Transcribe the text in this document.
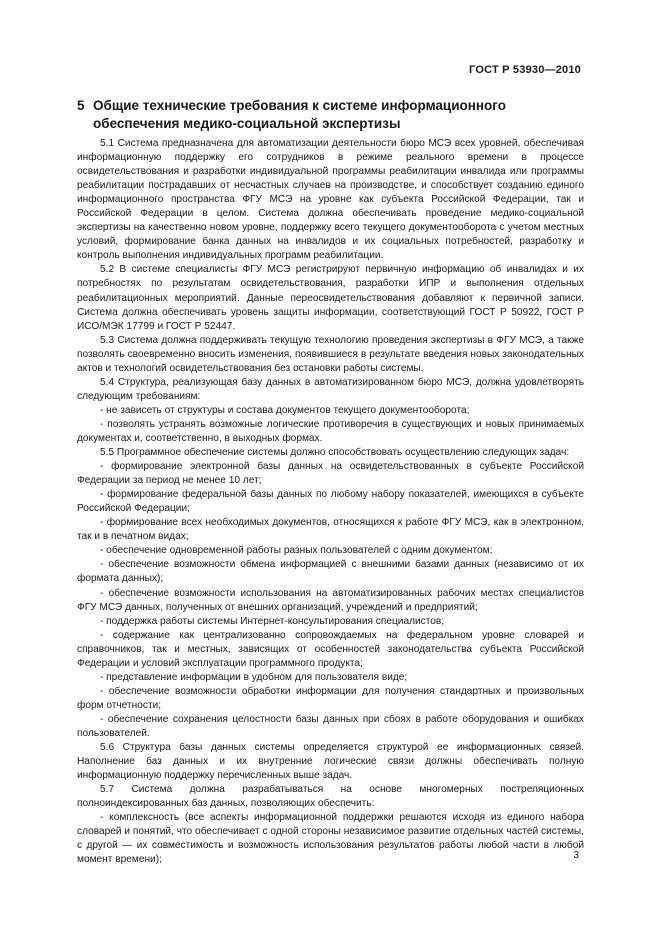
ГОСТ Р 53930—2010
5 Общие технические требования к системе информационного
обеспечения медико-социальной экспертизы

5.1 Система предназначена для автоматизации деятельности бюро МСЭ всех уровней, обеспечивая информационную поддержку его сотрудников в режиме реального времени в процессе освидетельствования и разработки индивидуальной программы реабилитации инвалида или программы реабилитации пострадавших от несчастных случаев на производстве, и способствует созданию единого информационного пространства ФГУ МСЭ на уровне как субъекта Российской Федерации, так и Российской Федерации в целом. Система должна обеспечивать проведение медико-социальной экспертизы на качественно новом уровне, поддержку всего текущего документооборота с учетом местных условий, формирование банка данных на инвалидов и их социальных потребностей, разработку и контроль выполнения индивидуальных программ реабилитации.

5.2 В системе специалисты ФГУ МСЭ регистрируют первичную информацию об инвалидах и их потребностях по результатам освидетельствования, разработки ИПР и выполнения отдельных реабилитационных мероприятий. Данные переосвидетельствования добавляют к первичной записи. Система должна обеспечивать уровень защиты информации, соответствующий ГОСТ Р 50922, ГОСТ Р ИСО/МЭК 17799 и ГОСТ Р 52447.

5.3 Система должна поддерживать текущую технологию проведения экспертизы в ФГУ МСЭ, а также позволять своевременно вносить изменения, появившиеся в результате введения новых законодательных актов и технологий освидетельствования без остановки работы системы.

5.4 Структура, реализующая базу данных в автоматизированном бюро МСЭ, должна удовлетворять следующим требованиям:

- не зависеть от структуры и состава документов текущего документооборота;

- позволять устранять возможные логические противоречия в существующих и новых принимаемых документах и, соответственно, в выходных формах.

5.5 Программное обеспечение системы должно способствовать осуществлению следующих задач:

- формирование электронной базы данных на освидетельствованных в субъекте Российской Федерации за период не менее 10 лет;

- формирование федеральной базы данных по любому набору показателей, имеющихся в субъекте Российской Федерации;

- формирование всех необходимых документов, относящихся к работе ФГУ МСЭ, как в электронном, так и в печатном видах;

- обеспечение одновременной работы разных пользователей с одним документом;

- обеспечение возможности обмена информацией с внешними базами данных (независимо от их формата данных);

- обеспечение возможности использования на автоматизированных рабочих местах специалистов ФГУ МСЭ данных, полученных от внешних организаций, учреждений и предприятий;

- поддержка работы системы Интернет-консультирования специалистов;

- содержание как централизованно сопровождаемых на федеральном уровне словарей и справочников, так и местных, зависящих от особенностей законодательства субъекта Российской Федерации и условий эксплуатации программного продукта;

- представление информации в удобном для пользователя виде;

- обеспечение возможности обработки информации для получения стандартных и произвольных форм отчетности;

- обеспечение сохранения целостности базы данных при сбоях в работе оборудования и ошибках пользователей.

5.6 Структура базы данных системы определяется структурой ее информационных связей. Наполнение баз данных и их внутренние логические связи должны обеспечивать полную информационную поддержку перечисленных выше задач.

5.7 Система должна разрабатываться на основе многомерных постреляционных полноиндексированных баз данных, позволяющих обеспечить:

- комплексность (все аспекты информационной поддержки решаются исходя из единого набора словарей и понятий, что обеспечивает с одной стороны независимое развитие отдельных частей системы, с другой — их совместимость и возможность использования результатов работы любой части в любой момент времени);	3
